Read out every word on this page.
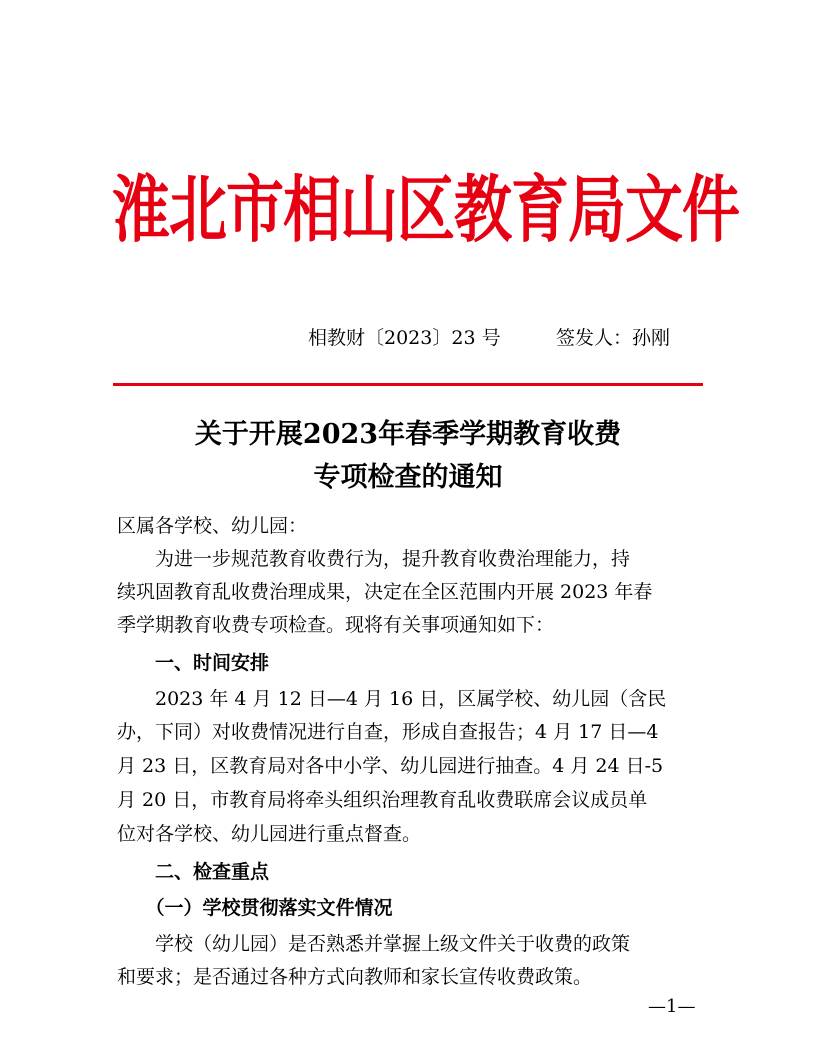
淮北市相山区教育局文件
相教财〔2023〕23 号	签发人：孙刚
关于开展2023年春季学期教育收费
专项检查的通知
区属各学校、幼儿园：
　　为进一步规范教育收费行为，提升教育收费治理能力，持
续巩固教育乱收费治理成果，决定在全区范围内开展 2023 年春
季学期教育收费专项检查。现将有关事项通知如下：
　　一、时间安排
　　2023 年 4 月 12 日—4 月 16 日，区属学校、幼儿园（含民
办，下同）对收费情况进行自查，形成自查报告；4 月 17 日—4
月 23 日，区教育局对各中小学、幼儿园进行抽查。4 月 24 日-5
月 20 日，市教育局将牵头组织治理教育乱收费联席会议成员单
位对各学校、幼儿园进行重点督查。
　　二、检查重点
　　（一）学校贯彻落实文件情况
　　学校（幼儿园）是否熟悉并掌握上级文件关于收费的政策
和要求；是否通过各种方式向教师和家长宣传收费政策。
—1—
